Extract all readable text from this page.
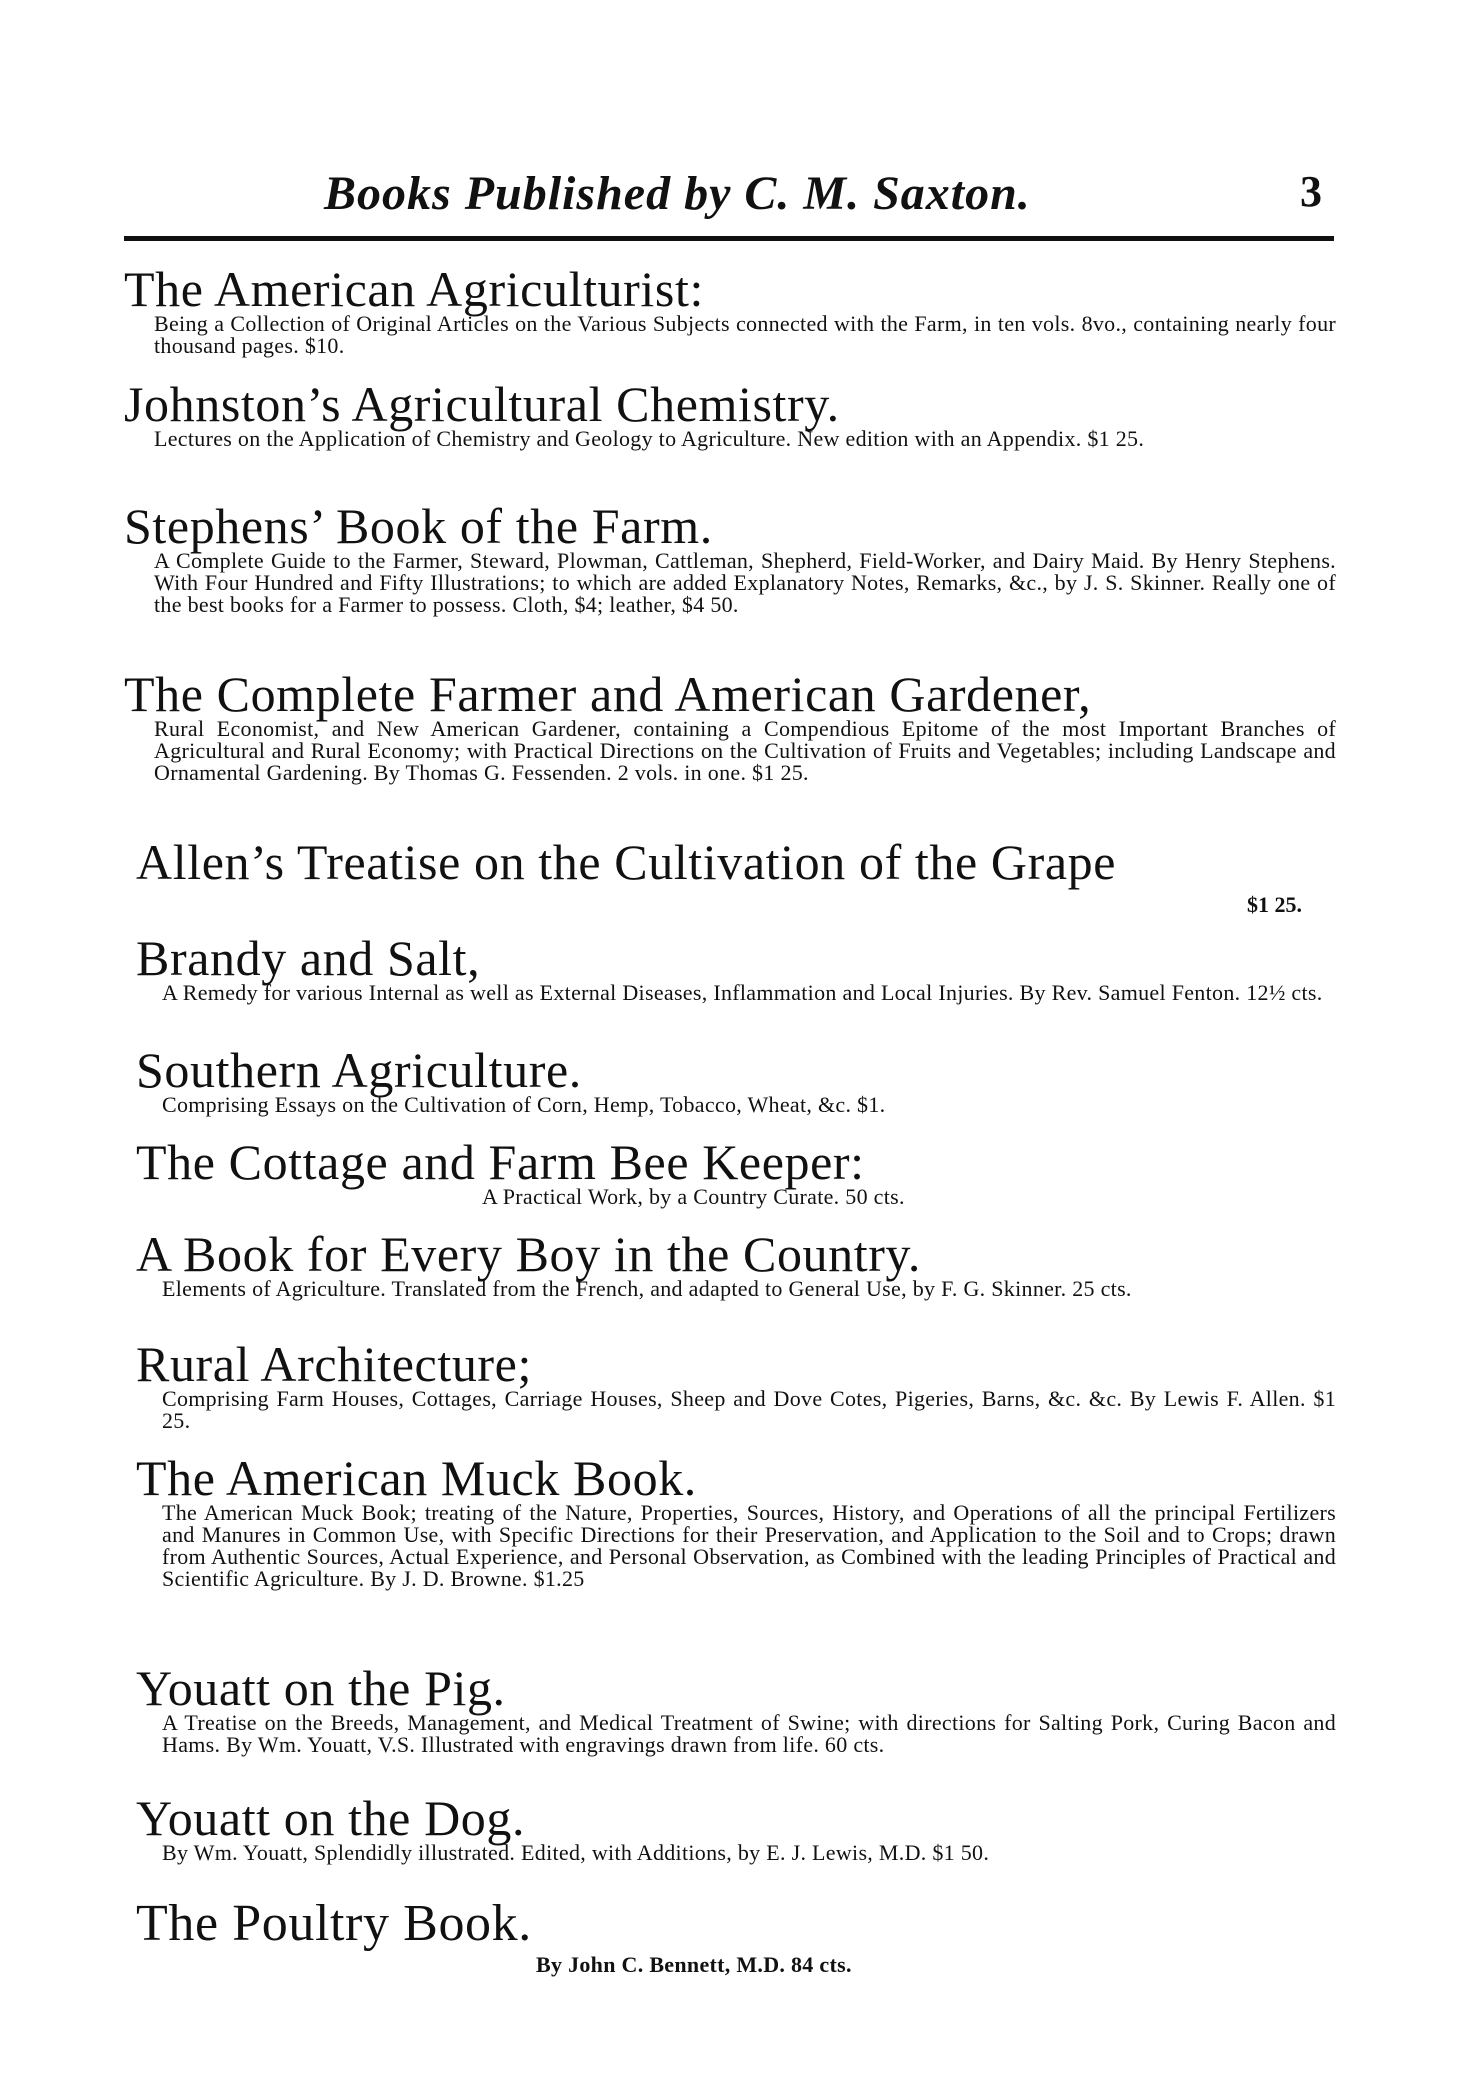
Books Published by C. M. Saxton.	3
The American Agriculturist:
Being a Collection of Original Articles on the Various Subjects connected with the Farm, in ten vols. 8vo., containing nearly four thousand pages. $10.
Johnston’s Agricultural Chemistry.
Lectures on the Application of Chemistry and Geology to Agriculture. New edition with an Appendix. $1 25.
Stephens’ Book of the Farm.
A Complete Guide to the Farmer, Steward, Plowman, Cattleman, Shepherd, Field-Worker, and Dairy Maid. By Henry Stephens. With Four Hundred and Fifty Illustrations; to which are added Explanatory Notes, Remarks, &c., by J. S. Skinner. Really one of the best books for a Farmer to possess. Cloth, $4; leather, $4 50.
The Complete Farmer and American Gardener,
Rural Economist, and New American Gardener, containing a Compendious Epitome of the most Important Branches of Agricultural and Rural Economy; with Practical Directions on the Cultivation of Fruits and Vegetables; including Landscape and Ornamental Gardening. By Thomas G. Fessenden. 2 vols. in one. $1 25.
Allen’s Treatise on the Cultivation of the Grape
$1 25.
Brandy and Salt,
A Remedy for various Internal as well as External Diseases, Inflammation and Local Injuries. By Rev. Samuel Fenton. 12½ cts.
Southern Agriculture.
Comprising Essays on the Cultivation of Corn, Hemp, Tobacco, Wheat, &c. $1.
The Cottage and Farm Bee Keeper:
A Practical Work, by a Country Curate. 50 cts.
A Book for Every Boy in the Country.
Elements of Agriculture. Translated from the French, and adapted to General Use, by F. G. Skinner. 25 cts.
Rural Architecture;
Comprising Farm Houses, Cottages, Carriage Houses, Sheep and Dove Cotes, Pigeries, Barns, &c. &c. By Lewis F. Allen. $1 25.
The American Muck Book.
The American Muck Book; treating of the Nature, Properties, Sources, History, and Operations of all the principal Fertilizers and Manures in Common Use, with Specific Directions for their Preservation, and Application to the Soil and to Crops; drawn from Authentic Sources, Actual Experience, and Personal Observation, as Combined with the leading Principles of Practical and Scientific Agriculture. By J. D. Browne. $1.25
Youatt on the Pig.
A Treatise on the Breeds, Management, and Medical Treatment of Swine; with directions for Salting Pork, Curing Bacon and Hams. By Wm. Youatt, V.S. Illustrated with engravings drawn from life. 60 cts.
Youatt on the Dog.
By Wm. Youatt, Splendidly illustrated. Edited, with Additions, by E. J. Lewis, M.D. $1 50.
The Poultry Book.
By John C. Bennett, M.D. 84 cts.
